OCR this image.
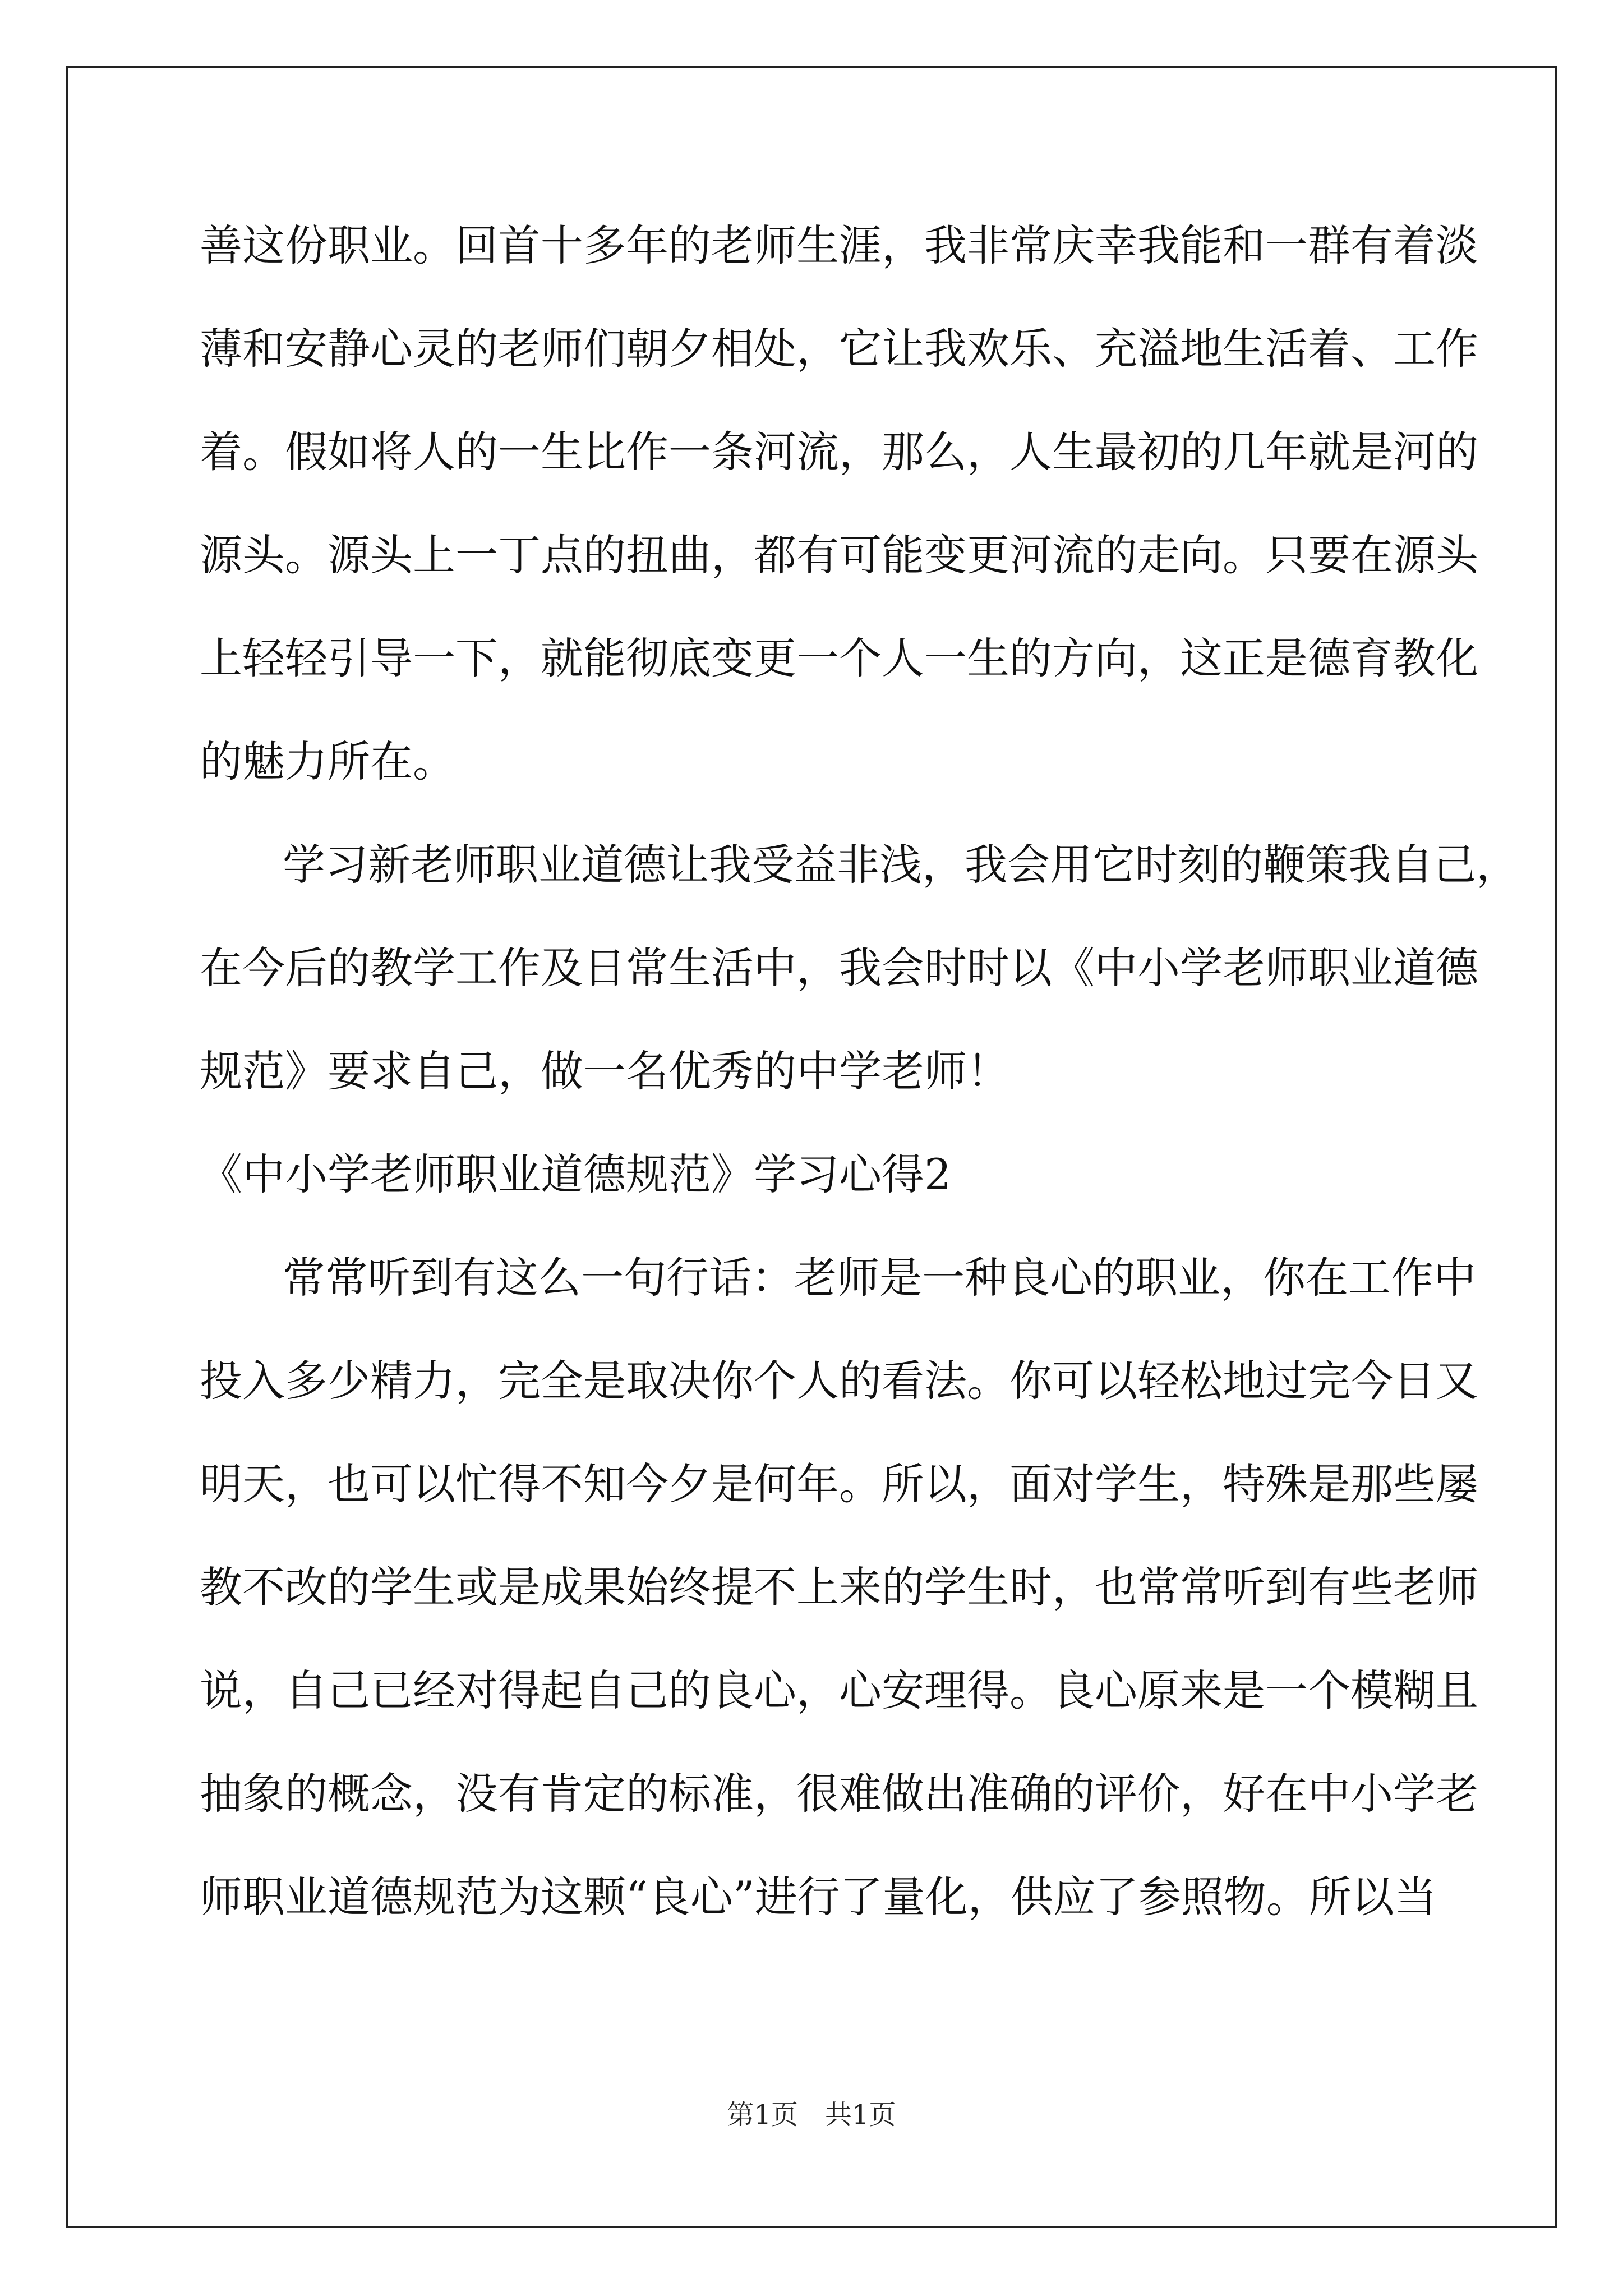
善这份职业。回首十多年的老师生涯，我非常庆幸我能和一群有着淡
薄和安静心灵的老师们朝夕相处，它让我欢乐、充溢地生活着、工作
着。假如将人的一生比作一条河流，那么，人生最初的几年就是河的
源头。源头上一丁点的扭曲，都有可能变更河流的走向。只要在源头
上轻轻引导一下，就能彻底变更一个人一生的方向，这正是德育教化
的魅力所在。
学习新老师职业道德让我受益非浅，我会用它时刻的鞭策我自己，
在今后的教学工作及日常生活中，我会时时以《中小学老师职业道德
规范》要求自己，做一名优秀的中学老师！
《中小学老师职业道德规范》学习心得2
常常听到有这么一句行话：老师是一种良心的职业，你在工作中
投入多少精力，完全是取决你个人的看法。你可以轻松地过完今日又
明天，也可以忙得不知今夕是何年。所以，面对学生，特殊是那些屡
教不改的学生或是成果始终提不上来的学生时，也常常听到有些老师
说，自己已经对得起自己的良心，心安理得。良心原来是一个模糊且
抽象的概念，没有肯定的标准，很难做出准确的评价，好在中小学老
师职业道德规范为这颗“良心”进行了量化，供应了参照物。所以当
第1页　共1页
